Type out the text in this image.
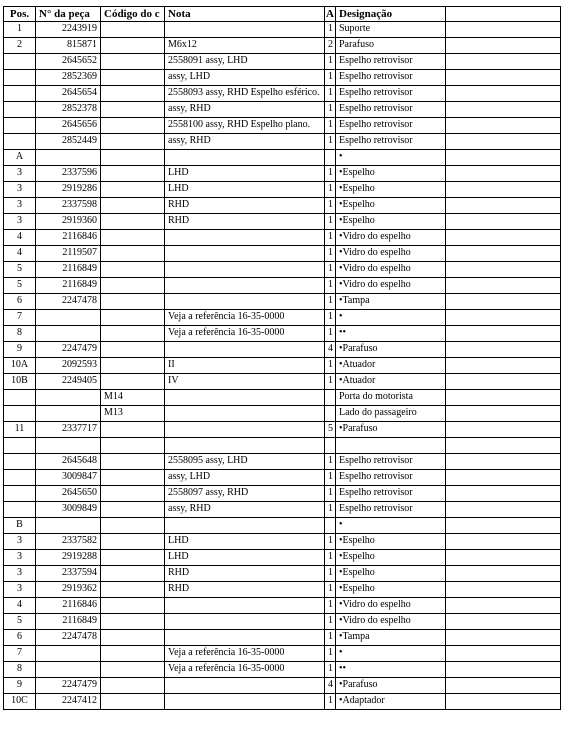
Pos.	N° da peça	Código do c	Nota	A	Designação	
1	2243919			1	Suporte	
2	815871		M6x12	2	Parafuso	
	2645652		2558091 assy, LHD	1	Espelho retrovisor	
	2852369		assy, LHD	1	Espelho retrovisor	
	2645654		2558093 assy, RHD Espelho esférico.	1	Espelho retrovisor	
	2852378		assy, RHD	1	Espelho retrovisor	
	2645656		2558100 assy, RHD Espelho plano.	1	Espelho retrovisor	
	2852449		assy, RHD	1	Espelho retrovisor	
A					•	
3	2337596		LHD	1	•Espelho	
3	2919286		LHD	1	•Espelho	
3	2337598		RHD	1	•Espelho	
3	2919360		RHD	1	•Espelho	
4	2116846			1	•Vidro do espelho	
4	2119507			1	•Vidro do espelho	
5	2116849			1	•Vidro do espelho	
5	2116849			1	•Vidro do espelho	
6	2247478			1	•Tampa	
7			Veja a referência 16-35-0000	1	•	
8			Veja a referência 16-35-0000	1	••	
9	2247479			4	•Parafuso	
10A	2092593		II	1	•Atuador	
10B	2249405		IV	1	•Atuador	
		M14			Porta do motorista	
		M13			Lado do passageiro	
11	2337717			5	•Parafuso	

	2645648		2558095 assy, LHD	1	Espelho retrovisor	
	3009847		assy, LHD	1	Espelho retrovisor	
	2645650		2558097 assy, RHD	1	Espelho retrovisor	
	3009849		assy, RHD	1	Espelho retrovisor	
B					•	
3	2337582		LHD	1	•Espelho	
3	2919288		LHD	1	•Espelho	
3	2337594		RHD	1	•Espelho	
3	2919362		RHD	1	•Espelho	
4	2116846			1	•Vidro do espelho	
5	2116849			1	•Vidro do espelho	
6	2247478			1	•Tampa	
7			Veja a referência 16-35-0000	1	•	
8			Veja a referência 16-35-0000	1	••	
9	2247479			4	•Parafuso	
10C	2247412			1	•Adaptador	
